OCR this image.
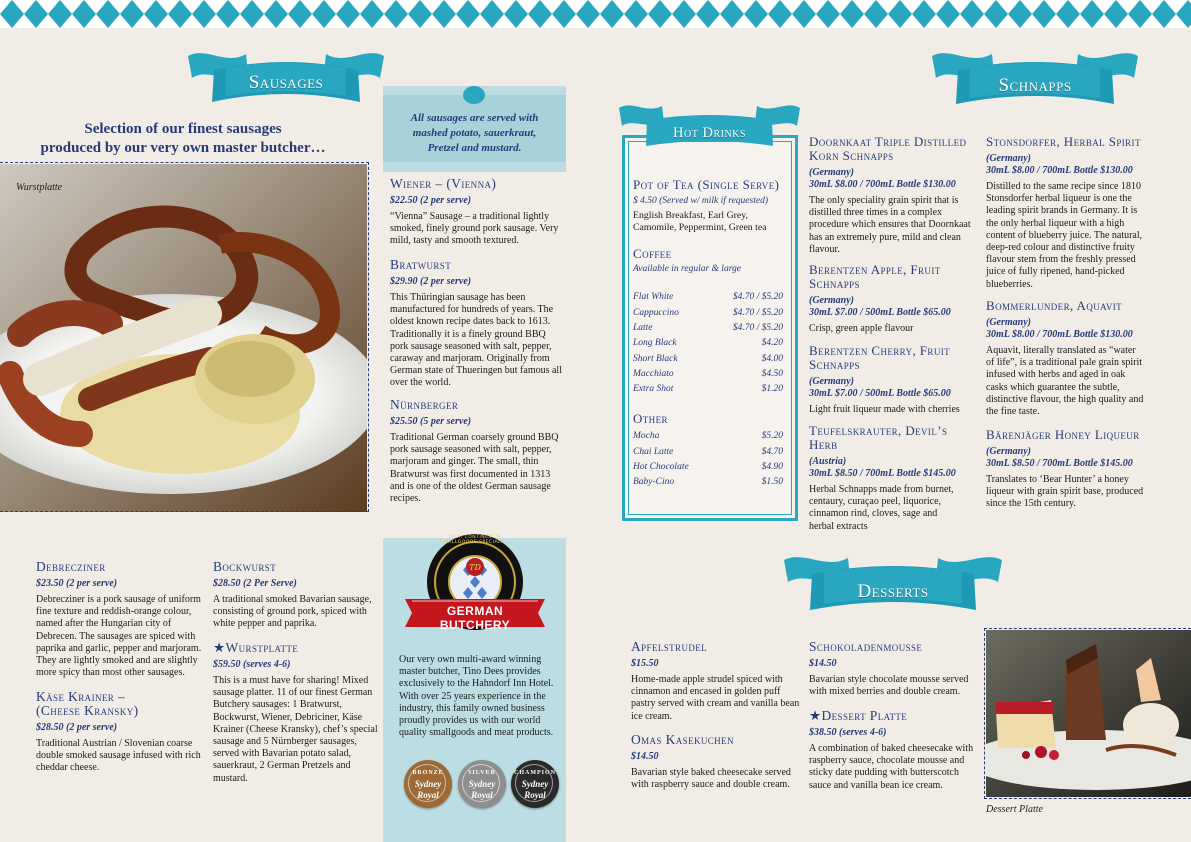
Sausages
Selection of our finest sausages
produced by our very own master butcher…
Wurstplatte
All sausages are served with mashed potato, sauerkraut, Pretzel and mustard.

Wiener – (Vienna)

$22.50 (2 per serve)

“Vienna” Sausage – a traditional lightly smoked, finely ground pork sausage. Very mild, tasty and smooth textured.

Bratwurst

$29.90 (2 per serve)

This Thüringian sausage has been manufactured for hundreds of years. The oldest known recipe dates back to 1613. Traditionally it is a finely ground BBQ pork sausage seasoned with salt, pepper, caraway and marjoram. Originally from German state of Thueringen but famous all over the world.

Nürnberger

$25.50 (5 per serve)

Traditional German coarsely ground BBQ pork sausage seasoned with salt, pepper, marjoram and ginger. The small, thin Bratwurst was first documented in 1313 and is one of the oldest German sausage recipes.

Debrecziner

$23.50 (2 per serve)

Debrecziner is a pork sausage of uniform fine texture and reddish-orange colour, named after the Hungarian city of Debrecen. The sausages are spiced with paprika and garlic, pepper and marjoram. They are lightly smoked and are slightly more spicy than most other sausages.

Käse Krainer – (Cheese Kransky)

$28.50 (2 per serve)

Traditional Austrian / Slovenian coarse double smoked sausage infused with rich cheddar cheese.

Bockwurst

$28.50 (2 Per Serve)

A traditional smoked Bavarian sausage, consisting of ground pork, spiced with white pepper and paprika.

★Wurstplatte

$59.50 (serves 4-6)

This is a must have for sharing! Mixed sausage platter. 11 of our finest German Butchery sausages: 1 Bratwurst, Bockwurst, Wiener, Debriciner, Käse Krainer (Cheese Kransky), chef’s special sausage and 5 Nürnberger sausages, served with Bavarian potato salad, sauerkraut, 2 German Pretzels and mustard.

TD
YOUR CONTINENTAL SMALLGOODS SPECIALIST
GERMAN BUTCHERY
Our very own multi-award winning master butcher, Tino Dees provides exclusively to the Hahndorf Inn Hotel. With over 25 years experience in the industry, this family owned business proudly provides us with our world quality smallgoods and meat products.
BRONZE
Sydney Royal
SILVER
Sydney Royal
CHAMPION
Sydney Royal
Hot Drinks

Pot of Tea (Single Serve)

$ 4.50 (Served w/ milk if requested)

English Breakfast, Earl Grey, Camomile, Peppermint, Green tea

Coffee

Available in regular & large

Flat White	$4.70 / $5.20
Cappuccino	$4.70 / $5.20
Latte	$4.70 / $5.20
Long Black	$4.20
Short Black	$4.00
Macchiato	$4.50
Extra Shot	$1.20

Other

Mocha	$5.20
Chai Latte	$4.70
Hot Chocolate	$4.90
Baby-Cino	$1.50
Schnapps

Doornkaat Triple Distilled Korn Schnapps

(Germany)

30mL $8.00 / 700mL Bottle $130.00

The only speciality grain spirit that is distilled three times in a complex procedure which ensures that Doornkaat has an extremely pure, mild and clean flavour.

Berentzen Apple, Fruit Schnapps

(Germany)

30mL $7.00 / 500mL Bottle $65.00

Crisp, green apple flavour

Berentzen Cherry, Fruit Schnapps

(Germany)

30mL $7.00 / 500mL Bottle $65.00

Light fruit liqueur made with cherries

Teufelskrauter, Devil’s Herb

(Austria)

30mL $8.50 / 700mL Bottle $145.00

Herbal Schnapps made from burnet, centaury, curaçao peel, liquorice, cinnamon rind, cloves, sage and herbal extracts

Stonsdorfer, Herbal Spirit

(Germany)

30mL $8.00 / 700mL Bottle $130.00

Distilled to the same recipe since 1810 Stonsdorfer herbal liqueur is one the leading spirit brands in Germany. It is the only herbal liqueur with a high content of blueberry juice. The natural, deep-red colour and distinctive fruity flavour stem from the freshly pressed juice of fully ripened, hand-picked blueberries.

Bommerlunder, Aquavit

(Germany)

30mL $8.00 / 700mL Bottle $130.00

Aquavit, literally translated as “water of life”, is a traditional pale grain spirit infused with herbs and aged in oak casks which guarantee the subtle, distinctive flavour, the high quality and the fine taste.

Bärenjäger Honey Liqueur

(Germany)

30mL $8.50 / 700mL Bottle $145.00

Translates to ‘Bear Hunter’ a honey liqueur with grain spirit base, produced since the 15th century.

Desserts

Apfelstrudel

$15.50

Home-made apple strudel spiced with cinnamon and encased in golden puff pastry served with cream and vanilla bean ice cream.

Omas Kasekuchen

$14.50

Bavarian style baked cheesecake served with raspberry sauce and double cream.

Schokoladenmousse

$14.50

Bavarian style chocolate mousse served with mixed berries and double cream.

★Dessert Platte

$38.50 (serves 4-6)

A combination of baked cheesecake with raspberry sauce, chocolate mousse and sticky date pudding with butterscotch sauce and vanilla bean ice cream.

Dessert Platte
